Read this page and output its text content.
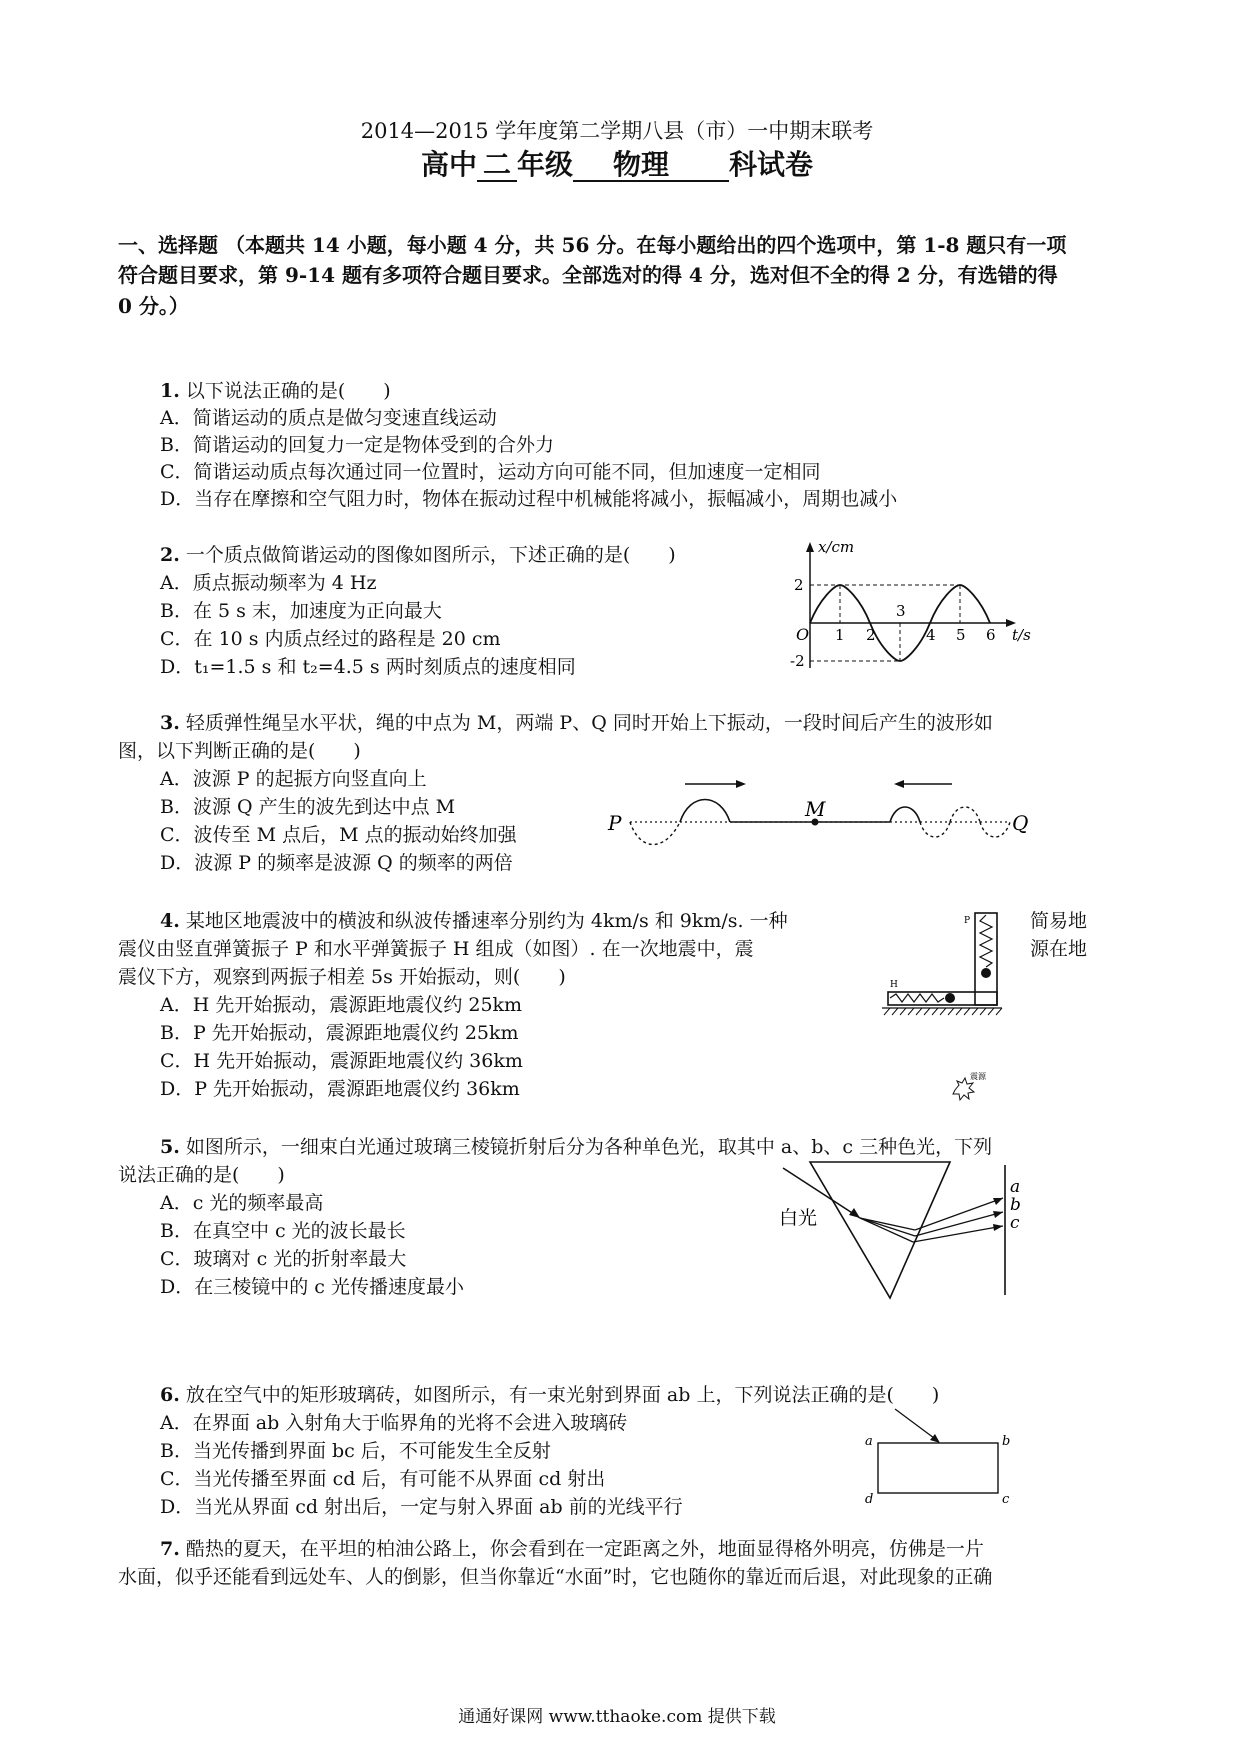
2014—2015 学年度第二学期八县（市）一中期末联考
高中 二 年级 物理 科试卷
一、选择题 （本题共 14 小题，每小题 4 分，共 56 分。在每小题给出的四个选项中，第 1-8 题只有一项
符合题目要求，第 9-14 题有多项符合题目要求。全部选对的得 4 分，选对但不全的得 2 分，有选错的得
0 分。）
1. 以下说法正确的是(　　)
A．简谐运动的质点是做匀变速直线运动
B．简谐运动的回复力一定是物体受到的合外力
C．简谐运动质点每次通过同一位置时，运动方向可能不同，但加速度一定相同
D．当存在摩擦和空气阻力时，物体在振动过程中机械能将减小，振幅减小，周期也减小
2. 一个质点做简谐运动的图像如图所示，下述正确的是(　　)
A．质点振动频率为 4 Hz
B．在 5 s 末，加速度为正向最大
C．在 10 s 内质点经过的路程是 20 cm
D．t₁=1.5 s 和 t₂=4.5 s 两时刻质点的速度相同
x/cm
2
-2
O 1 2
3
4 5 6 t/s
3. 轻质弹性绳呈水平状，绳的中点为 M，两端 P、Q 同时开始上下振动，一段时间后产生的波形如
图，以下判断正确的是(　　)
A．波源 P 的起振方向竖直向上
B．波源 Q 产生的波先到达中点 M
C．波传至 M 点后，M 点的振动始终加强
D．波源 P 的频率是波源 Q 的频率的两倍
P
M
Q
4. 某地区地震波中的横波和纵波传播速率分别约为 4km/s 和 9km/s. 一种	简易地
震仪由竖直弹簧振子 P 和水平弹簧振子 H 组成（如图）. 在一次地震中，震	源在地
震仪下方，观察到两振子相差 5s 开始振动，则(　　)
A．H 先开始振动，震源距地震仪约 25km
B．P 先开始振动，震源距地震仪约 25km
C．H 先开始振动，震源距地震仪约 36km
D．P 先开始振动，震源距地震仪约 36km
P
H
震源
5. 如图所示，一细束白光通过玻璃三棱镜折射后分为各种单色光，取其中 a、b、c 三种色光，下列
说法正确的是(　　)
A．c 光的频率最高
B．在真空中 c 光的波长最长
C．玻璃对 c 光的折射率最大
D．在三棱镜中的 c 光传播速度最小
白光
a
b
c
6. 放在空气中的矩形玻璃砖，如图所示，有一束光射到界面 ab 上，下列说法正确的是(　　)
A．在界面 ab 入射角大于临界角的光将不会进入玻璃砖
B．当光传播到界面 bc 后，不可能发生全反射
C．当光传播至界面 cd 后，有可能不从界面 cd 射出
D．当光从界面 cd 射出后，一定与射入界面 ab 前的光线平行
a	b
c
d
7. 酷热的夏天，在平坦的柏油公路上，你会看到在一定距离之外，地面显得格外明亮，仿佛是一片
水面，似乎还能看到远处车、人的倒影，但当你靠近“水面”时，它也随你的靠近而后退，对此现象的正确
通通好课网 www.tthaoke.com 提供下载
